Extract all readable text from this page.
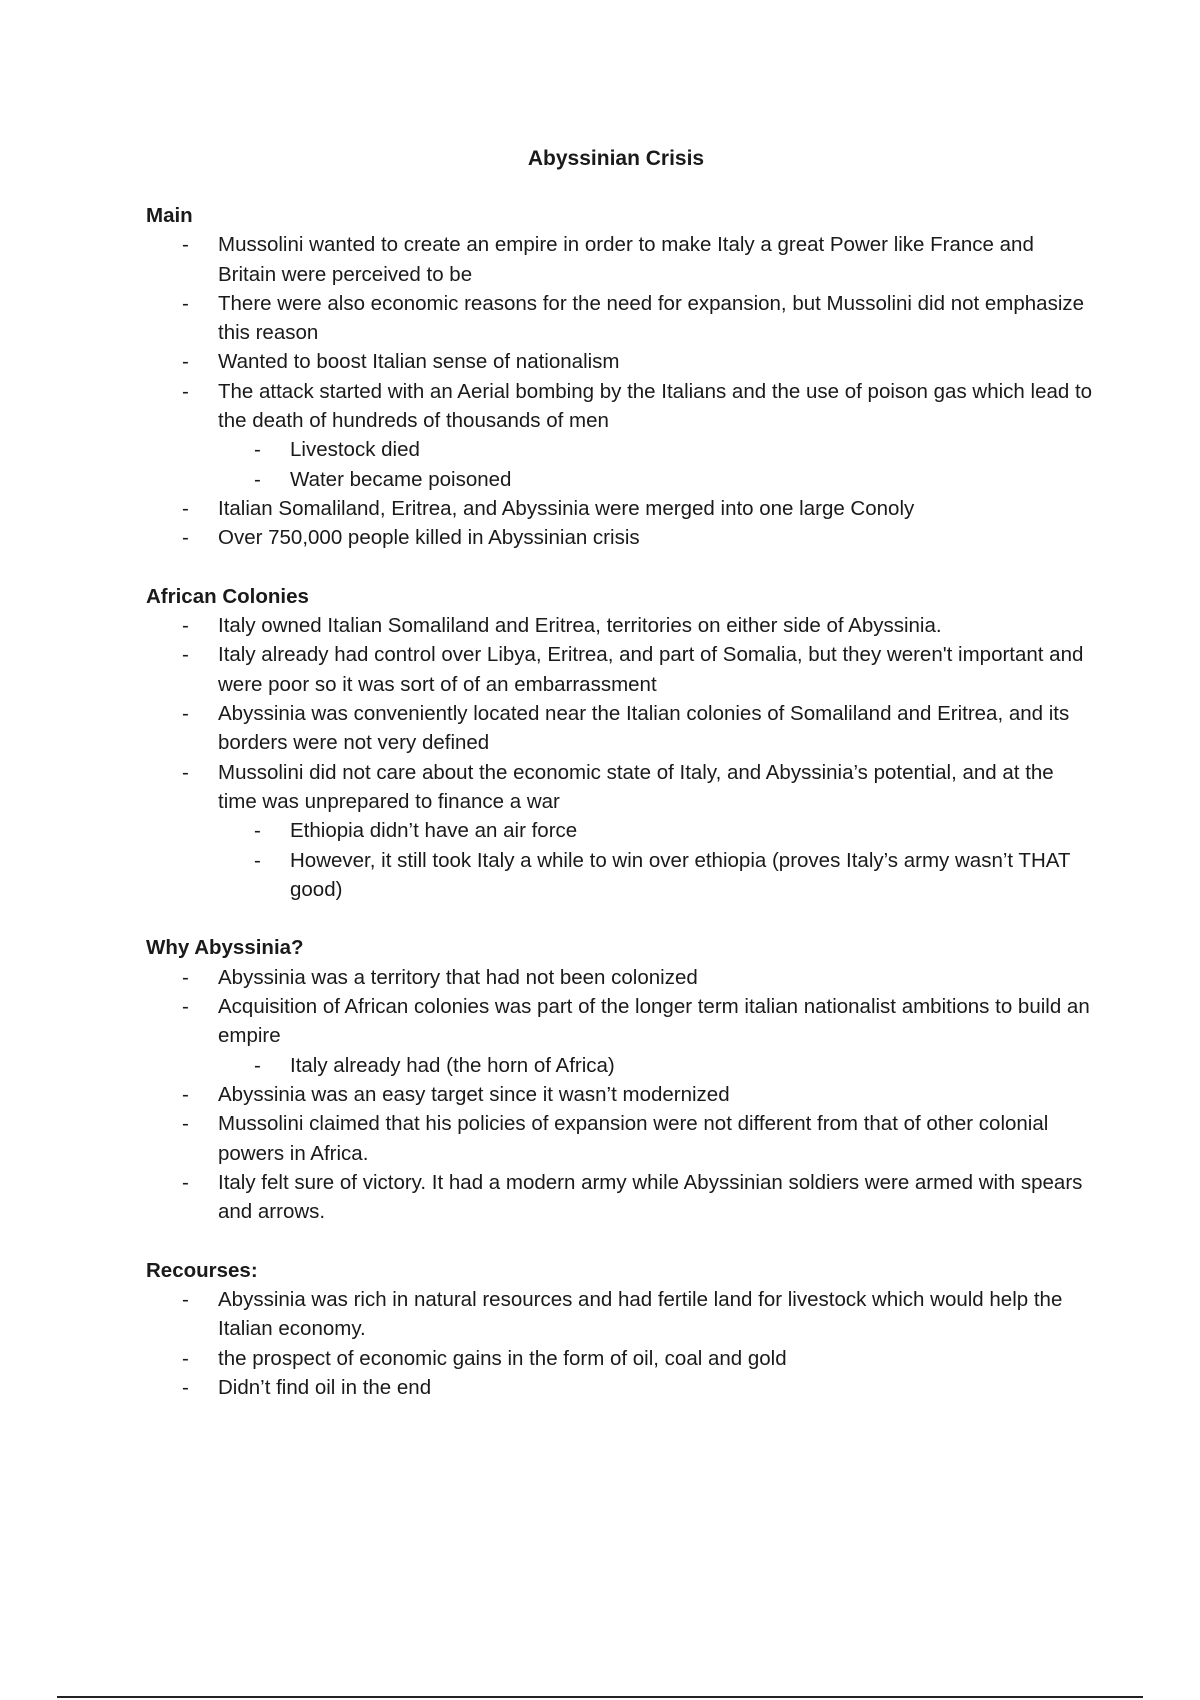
Abyssinian Crisis
Main
- Mussolini wanted to create an empire in order to make Italy a great Power like France and Britain were perceived to be
- There were also economic reasons for the need for expansion, but Mussolini did not emphasize this reason
- Wanted to boost Italian sense of nationalism
- The attack started with an Aerial bombing by the Italians and the use of poison gas which lead to the death of hundreds of thousands of men
- Livestock died
- Water became poisoned
- Italian Somaliland, Eritrea, and Abyssinia were merged into one large Conoly
- Over 750,000 people killed in Abyssinian crisis
African Colonies
- Italy owned Italian Somaliland and Eritrea, territories on either side of Abyssinia.
- Italy already had control over Libya, Eritrea, and part of Somalia, but they weren't important and were poor so it was sort of of an embarrassment
- Abyssinia was conveniently located near the Italian colonies of Somaliland and Eritrea, and its borders were not very defined
- Mussolini did not care about the economic state of Italy, and Abyssinia’s potential, and at the time was unprepared to finance a war
- Ethiopia didn’t have an air force
- However, it still took Italy a while to win over ethiopia (proves Italy’s army wasn’t THAT good)
Why Abyssinia?
- Abyssinia was a territory that had not been colonized
- Acquisition of African colonies was part of the longer term italian nationalist ambitions to build an empire
- Italy already had (the horn of Africa)
- Abyssinia was an easy target since it wasn’t modernized
- Mussolini claimed that his policies of expansion were not different from that of other colonial powers in Africa.
- Italy felt sure of victory. It had a modern army while Abyssinian soldiers were armed with spears and arrows.
Recourses:
- Abyssinia was rich in natural resources and had fertile land for livestock which would help the Italian economy.
- the prospect of economic gains in the form of oil, coal and gold
- Didn’t find oil in the end
